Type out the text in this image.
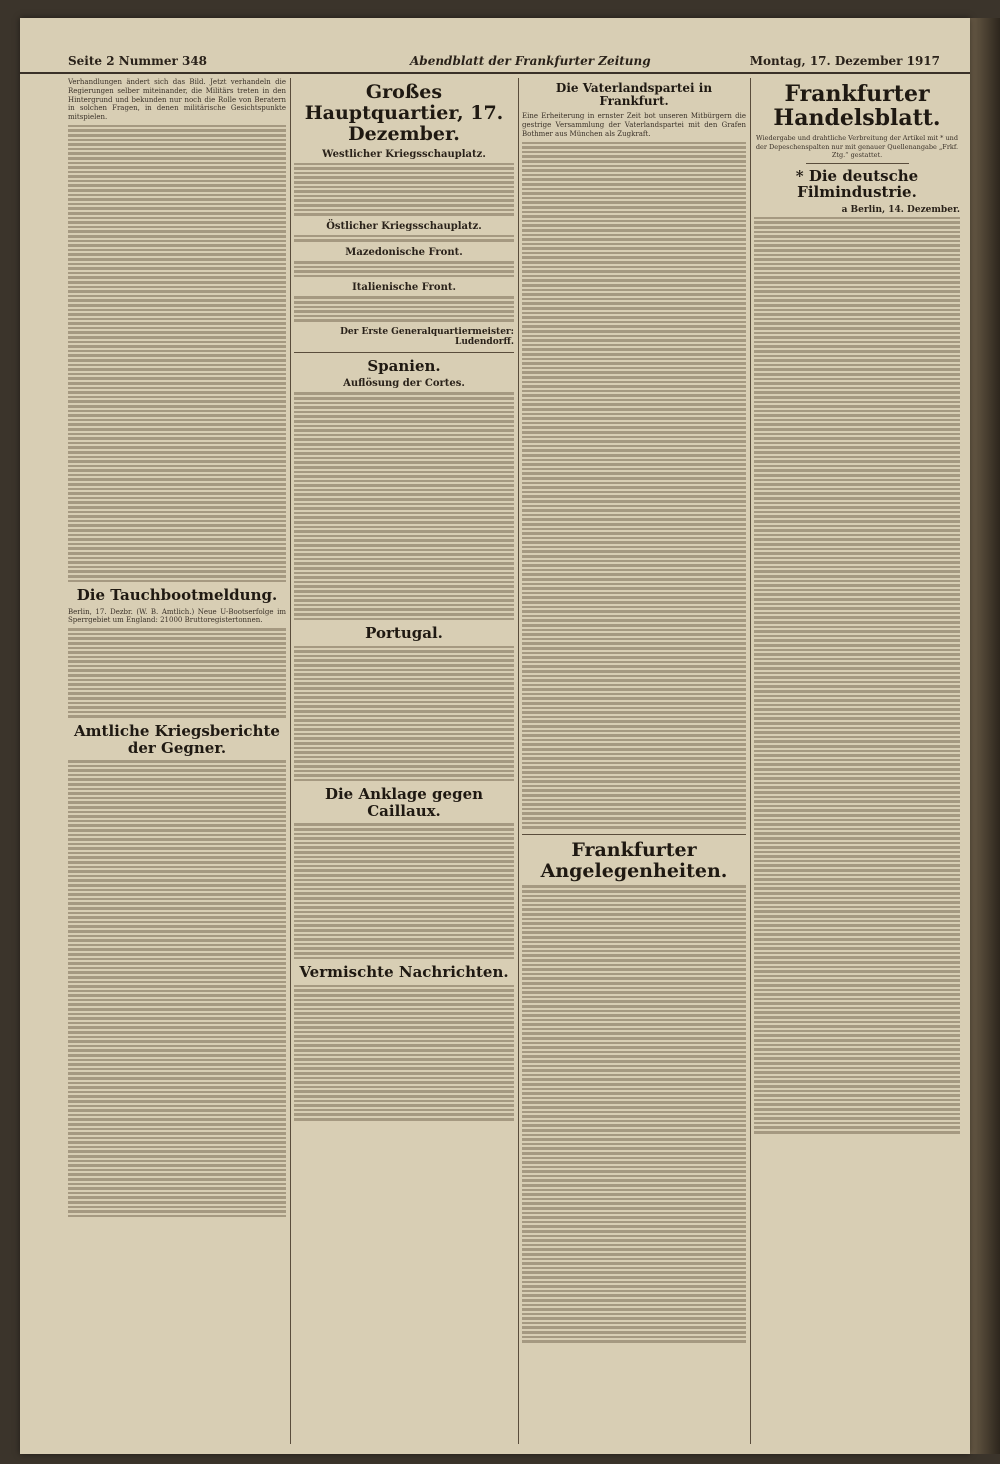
Seite 2 Nummer 348	Abendblatt der Frankfurter Zeitung	Montag, 17. Dezember 1917

Verhandlungen ändert sich das Bild. Jetzt verhandeln die Regierungen selber miteinander, die Militärs treten in den Hintergrund und bekunden nur noch die Rolle von Beratern in solchen Fragen, in denen militärische Gesichtspunkte mitspielen.

Die Tauchbootmeldung.

Berlin, 17. Dezbr. (W. B. Amtlich.) Neue U-Bootserfolge im Sperrgebiet um England: 21000 Bruttoregistertonnen.

Amtliche Kriegsberichte der Gegner.
Großes Hauptquartier, 17. Dezember.
Westlicher Kriegsschauplatz.
Östlicher Kriegsschauplatz.
Mazedonische Front.
Italienische Front.
Der Erste Generalquartiermeister: Ludendorff.
Spanien.
Auflösung der Cortes.
Portugal.
Die Anklage gegen Caillaux.
Vermischte Nachrichten.
Die Vaterlandspartei in Frankfurt.

Eine Erheiterung in ernster Zeit bot unseren Mitbürgern die gestrige Versammlung der Vaterlandspartei mit den Grafen Bothmer aus München als Zugkraft.

Frankfurter Angelegenheiten.
Frankfurter Handelsblatt.

Wiedergabe und drahtliche Verbreitung der Artikel mit * und der Depeschenspalten nur mit genauer Quellenangabe „Frkf. Ztg.“ gestattet.

* Die deutsche Filmindustrie.
a Berlin, 14. Dezember.
